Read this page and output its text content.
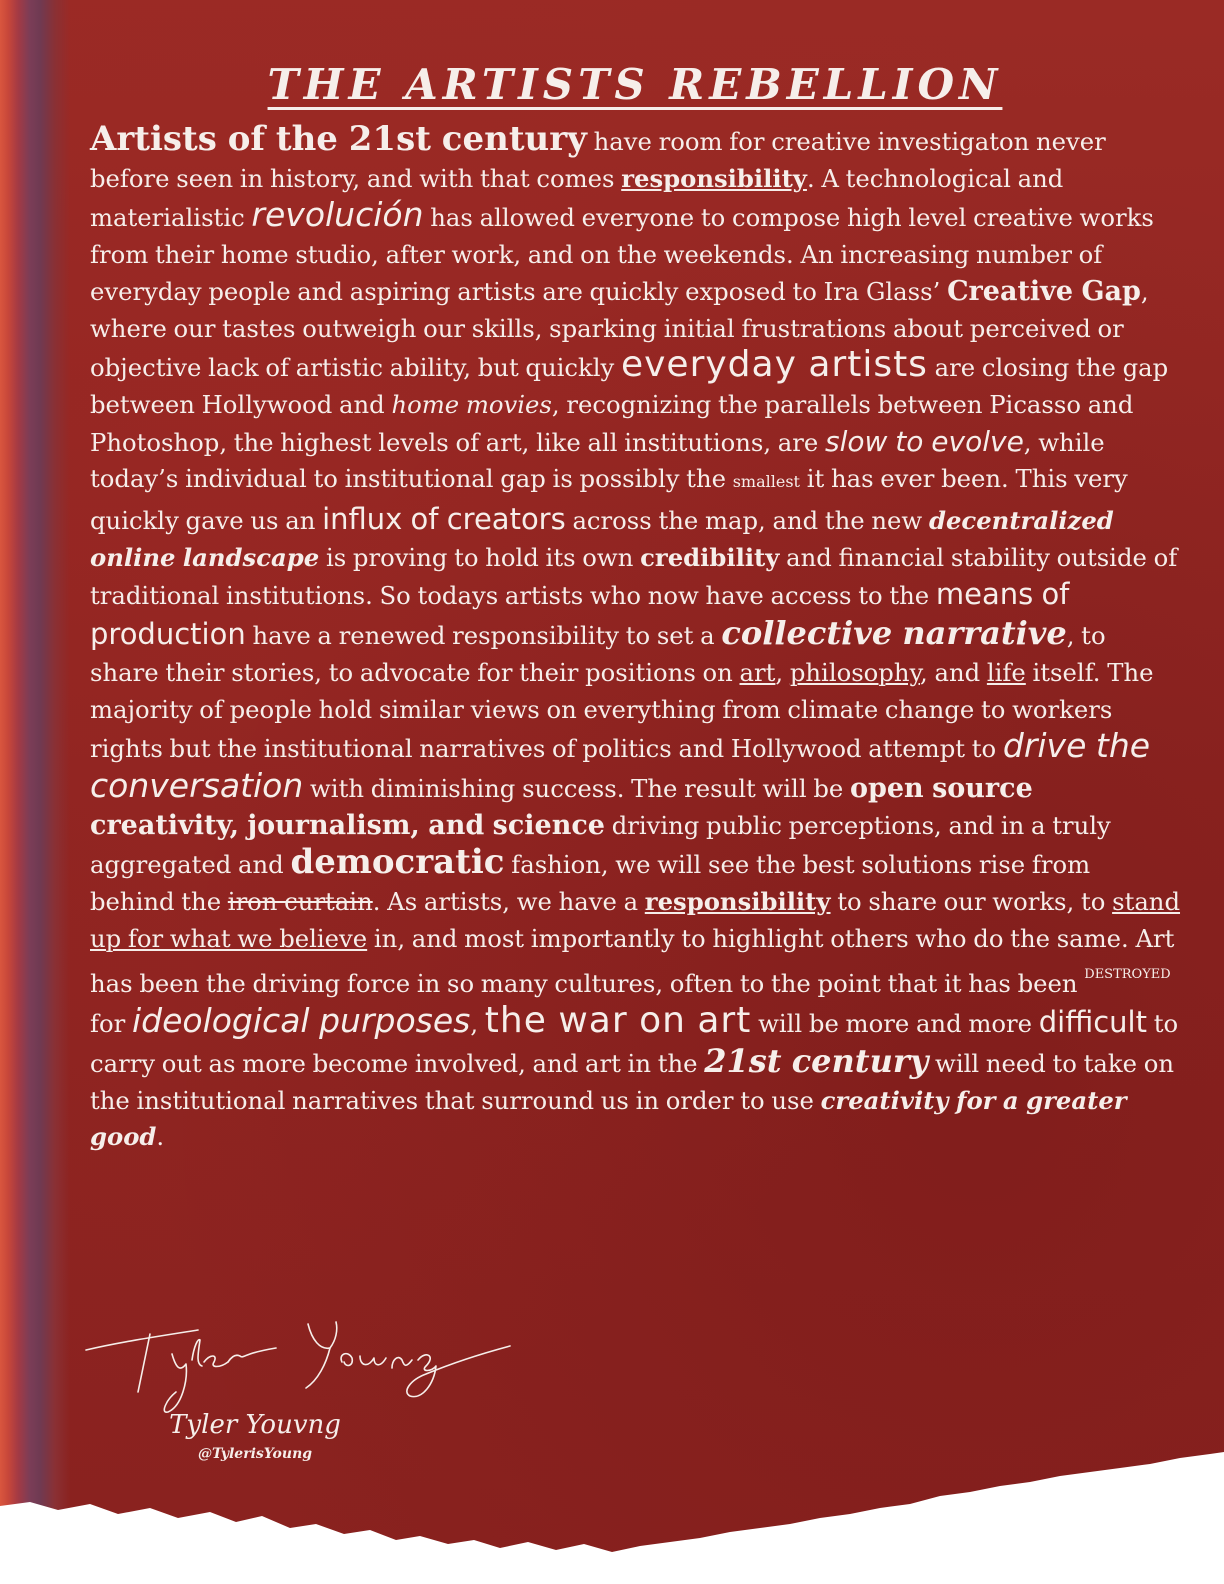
THE ARTISTS REBELLION

Artists of the 21st century have room for creative investigaton never before seen in history, and with that comes responsibility. A technological and materialistic revolución has allowed everyone to compose high level creative works from their home studio, after work, and on the weekends. An increasing number of everyday people and aspiring artists are quickly exposed to Ira Glass’ Creative Gap, where our tastes outweigh our skills, sparking initial frustrations about perceived or objective lack of artistic ability, but quickly everyday artists are closing the gap between Hollywood and home movies, recognizing the parallels between Picasso and Photoshop, the highest levels of art, like all institutions, are slow to evolve, while today’s individual to institutional gap is possibly the smallest it has ever been. This very quickly gave us an influx of creators across the map, and the new decentralized online landscape is proving to hold its own credibility and financial stability outside of traditional institutions. So todays artists who now have access to the means of production have a renewed responsibility to set a collective narrative, to share their stories, to advocate for their positions on art, philosophy, and life itself. The majority of people hold similar views on everything from climate change to workers rights but the institutional narratives of politics and Hollywood attempt to drive the conversation with diminishing success. The result will be open source creativity, journalism, and science driving public perceptions, and in a truly aggregated and democratic fashion, we will see the best solutions rise from behind the iron curtain. As artists, we have a responsibility to share our works, to stand up for what we believe in, and most importantly to highlight others who do the same. Art has been the driving force in so many cultures, often to the point that it has been $^{DESTROYED}$ for ideological purposes, the war on art will be more and more difficult to carry out as more become involved, and art in the 21st century will need to take on the institutional narratives that surround us in order to use creativity for a greater good.

Tyler Youvng
@TylerisYoung
